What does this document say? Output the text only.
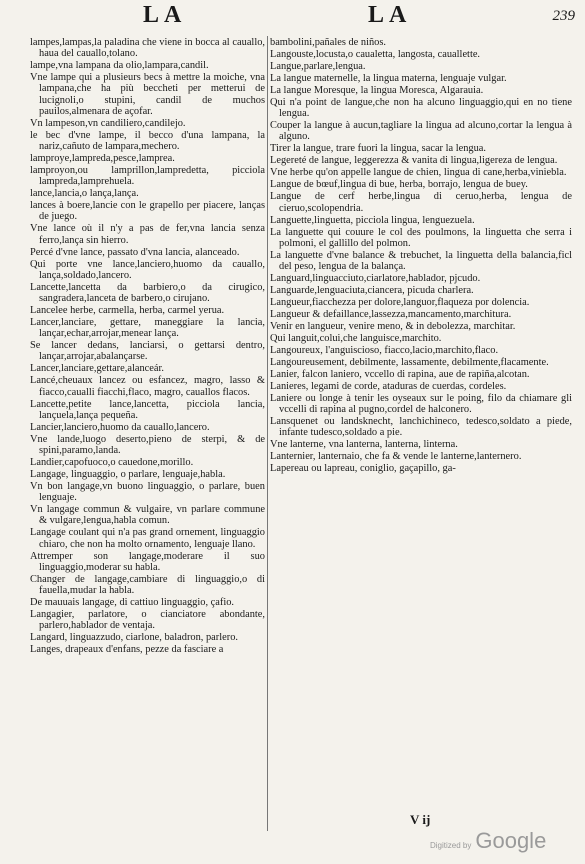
LA	LA	239
lampes,lampas,la paladina che viene in bocca al cauallo, haua del cauallo,tolano.
lampe,vna lampana da olio,lampara,candil.
Vne lampe qui a plusieurs becs à mettre la moiche, vna lampana,che ha più beccheti per metterui de lucignoli,o stupini, candil de muchos pauilos,almenara de açofar.
Vn lampeson,vn candiliero,candilejo.
le bec d'vne lampe, il becco d'una lampana, la nariz,cañuto de lampara,mechero.
lamproye,lampreda,pesce,lamprea.
lamproyon,ou lamprillon,lampredetta, picciola lampreda,lamprehuela.
lance,lancia,o lança,lança.
lances à boere,lancie con le grapello per piacere, lanças de juego.
Vne lance où il n'y a pas de fer,vna lancia senza ferro,lança sin hierro.
Percé d'vne lance, passato d'vna lancia, alanceado.
Qui porte vne lance,lanciero,huomo da cauallo, lança,soldado,lancero.
Lancette,lancetta da barbiero,o da cirugico, sangradera,lanceta de barbero,o cirujano.
Lancelee herbe, carmella, herba, carmel yerua.
Lancer,lanciare, gettare, maneggiare la lancia, lançar,echar,arrojar,menear lança.
Se lancer dedans, lanciarsi, o gettarsi dentro, lançar,arrojar,abalançarse.
Lancer,lanciare,gettare,alanceár.
Lancé,cheuaux lancez ou esfancez, magro, lasso & fiacco,caualli fiacchi,flaco, magro, cauallos flacos.
Lancette,petite lance,lancetta, picciola lancia, lançuela,lança pequeña.
Lancier,lanciero,huomo da cauallo,lancero.
Vne lande,luogo deserto,pieno de sterpi, & de spini,paramo,landa.
Landier,capofuoco,o cauedone,morillo.
Langage, linguaggio, o parlare, lenguaje,habla.
Vn bon langage,vn buono linguaggio, o parlare, buen lenguaje.
Vn langage commun & vulgaire, vn parlare commune & vulgare,lengua,habla comun.
Langage coulant qui n'a pas grand ornement, linguaggio chiaro, che non ha molto ornamento, lenguaje llano.
Attremper son langage,moderare il suo linguaggio,moderar su habla.
Changer de langage,cambiare di linguaggio,o di fauella,mudar la habla.
De mauuais langage, di cattiuo linguaggio, çafio.
Langagier, parlatore, o cianciatore abondante, parlero,hablador de ventaja.
Langard, linguazzudo, ciarlone, baladron, parlero.
Langes, drapeaux d'enfans, pezze da fasciare a
bambolini,pañales de niños.
Langouste,locusta,o caualetta, langosta, cauallette.
Langue,parlare,lengua.
La langue maternelle, la lingua materna, lenguaje vulgar.
La langue Moresque, la lingua Moresca, Algarauia.
Qui n'a point de langue,che non ha alcuno linguaggio,qui en no tiene lengua.
Couper la langue à aucun,tagliare la lingua ad alcuno,cortar la lengua à alguno.
Tirer la langue, trare fuori la lingua, sacar la lengua.
Legereté de langue, leggerezza & vanita di lingua,ligereza de lengua.
Vne herbe qu'on appelle langue de chien, lingua di cane,herba,viniebla.
Langue de bœuf,lingua di bue, herba, borrajo, lengua de buey.
Langue de cerf herbe,lingua di ceruo,herba, lengua de cieruo,scolopendria.
Languette,linguetta, picciola lingua, lenguezuela.
La languette qui couure le col des poulmons, la linguetta che serra i polmoni, el gallillo del polmon.
La languette d'vne balance & trebuchet, la linguetta della balancia,ficl del peso, lengua de la balança.
Languard,linguacciuto,ciarlatore,hablador, pjcudo.
Languarde,lenguaciuta,ciancera, picuda charlera.
Langueur,fiacchezza per dolore,languor,flaqueza por dolencia.
Langueur & defaillance,lassezza,mancamento,marchitura.
Venir en langueur, venire meno, & in debolezza, marchitar.
Qui languit,colui,che languisce,marchito.
Langoureux, l'anguiscioso, fiacco,lacio,marchito,flaco.
Langoureusement, debilmente, lassamente, debilmente,flacamente.
Lanier, falcon laniero, vccello di rapina, aue de rapiña,alcotan.
Lanieres, legami de corde, ataduras de cuerdas, cordeles.
Laniere ou longe à tenir les oyseaux sur le poing, filo da chiamare gli vccelli di rapina al pugno,cordel de halconero.
Lansquenet ou landsknecht, lanchichineco, tedesco,soldato a piede, infante tudesco,soldado a pie.
Vne lanterne, vna lanterna, lanterna, linterna.
Lanternier, lanternaio, che fa & vende le lanterne,lanternero.
Lapereau ou lapreau, coniglio, gaçapillo, ga-
V ij
Digitized by Google
